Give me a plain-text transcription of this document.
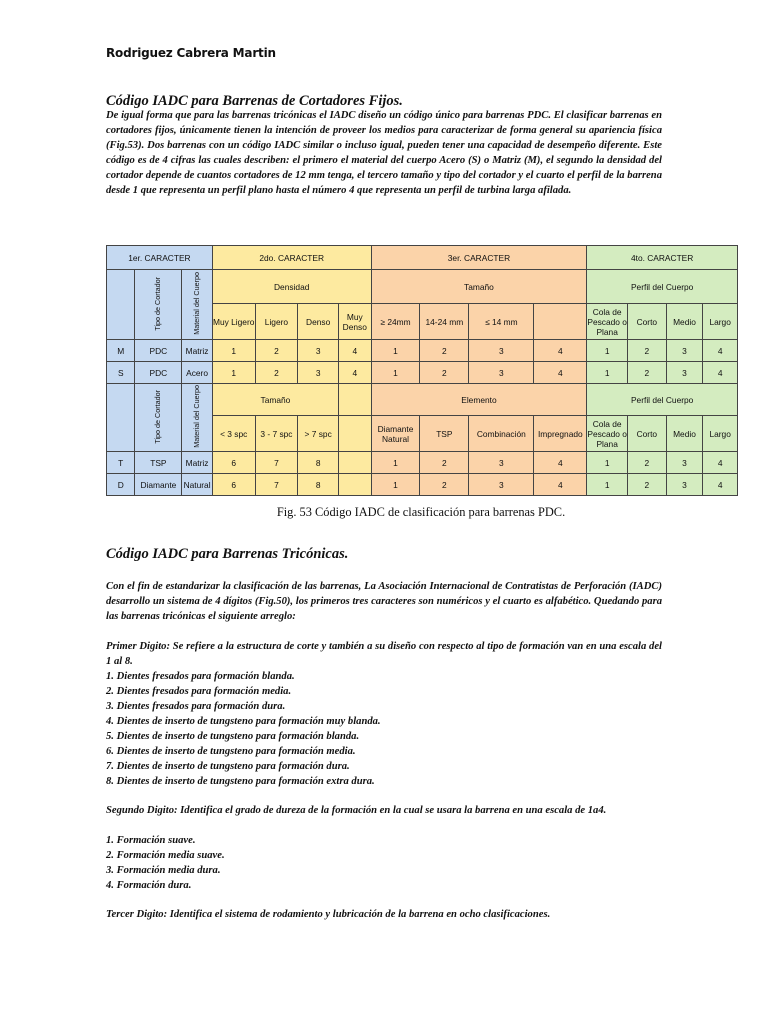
Rodriguez Cabrera Martin
Código IADC para Barrenas de Cortadores Fijos.

De igual forma que para las barrenas tricónicas el IADC diseño un código único para barrenas PDC. El clasificar barrenas en cortadores fijos, únicamente tienen la intención de proveer los medios para caracterizar de forma general su apariencia física (Fig.53). Dos barrenas con un código IADC similar o incluso igual, pueden tener una capacidad de desempeño diferente. Este código es de 4 cifras las cuales describen: el primero el material del cuerpo Acero (S) o Matriz (M), el segundo la densidad del cortador depende de cuantos cortadores de 12 mm tenga, el tercero tamaño y tipo del cortador y el cuarto el perfil de la barrena desde 1 que representa un perfil plano hasta el número 4 que representa un perfil de turbina larga afilada.

1er. CARACTER			2do. CARACTER				3er. CARACTER				4to. CARACTER			
	Tipo de Cortador	Material del Cuerpo	Densidad				Tamaño				Perfil del Cuerpo			
			Muy Ligero	Ligero	Denso	Muy Denso	≥ 24mm	14-24 mm	≤ 14 mm		Cola de Pescado o Plana	Corto	Medio	Largo
M	PDC	Matriz	1	2	3	4	1	2	3	4	1	2	3	4
S	PDC	Acero	1	2	3	4	1	2	3	4	1	2	3	4
	Tipo de Cortador	Material del Cuerpo	Tamaño				Elemento				Perfil del Cuerpo			
			< 3 spc	3 - 7 spc	> 7 spc		Diamante Natural	TSP	Combinación	Impregnado	Cola de Pescado o Plana	Corto	Medio	Largo
T	TSP	Matriz	6	7	8		1	2	3	4	1	2	3	4
D	Diamante	Natural	6	7	8		1	2	3	4	1	2	3	4
Fig. 53 Código IADC de clasificación para barrenas PDC.
Código IADC para Barrenas Tricónicas.

Con el fin de estandarizar la clasificación de las barrenas, La Asociación Internacional de Contratistas de Perforación (IADC) desarrollo un sistema de 4 dígitos (Fig.50), los primeros tres caracteres son numéricos y el cuarto es alfabético. Quedando para las barrenas tricónicas el siguiente arreglo:

Primer Digito: Se refiere a la estructura de corte y también a su diseño con respecto al tipo de formación van en una escala del 1 al 8.

1. Dientes fresados para formación blanda.
2. Dientes fresados para formación media.
3. Dientes fresados para formación dura.
4. Dientes de inserto de tungsteno para formación muy blanda.
5. Dientes de inserto de tungsteno para formación blanda.
6. Dientes de inserto de tungsteno para formación media.
7. Dientes de inserto de tungsteno para formación dura.
8. Dientes de inserto de tungsteno para formación extra dura.

Segundo Digito: Identifica el grado de dureza de la formación en la cual se usara la barrena en una escala de 1a4.

1. Formación suave.
2. Formación media suave.
3. Formación media dura.
4. Formación dura.

Tercer Digito: Identifica el sistema de rodamiento y lubricación de la barrena en ocho clasificaciones.
